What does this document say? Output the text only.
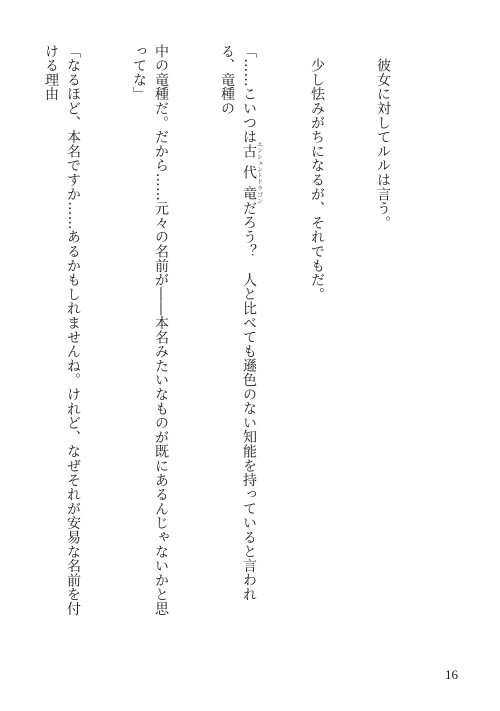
　彼女に対してルルは言う。

　少し怯みがちになるが、それでもだ。

「……こいつは古代竜エンシェントドラゴンだろう？　人と比べても遜色のない知能を持っていると言われる、竜種の

中の竜種だ。だから……元々の名前が――本名みたいなものが既にあるんじゃないかと思ってな」

「なるほど、本名ですか……あるかもしれませんね。けれど、なぜそれが安易な名前を付ける理由

16
